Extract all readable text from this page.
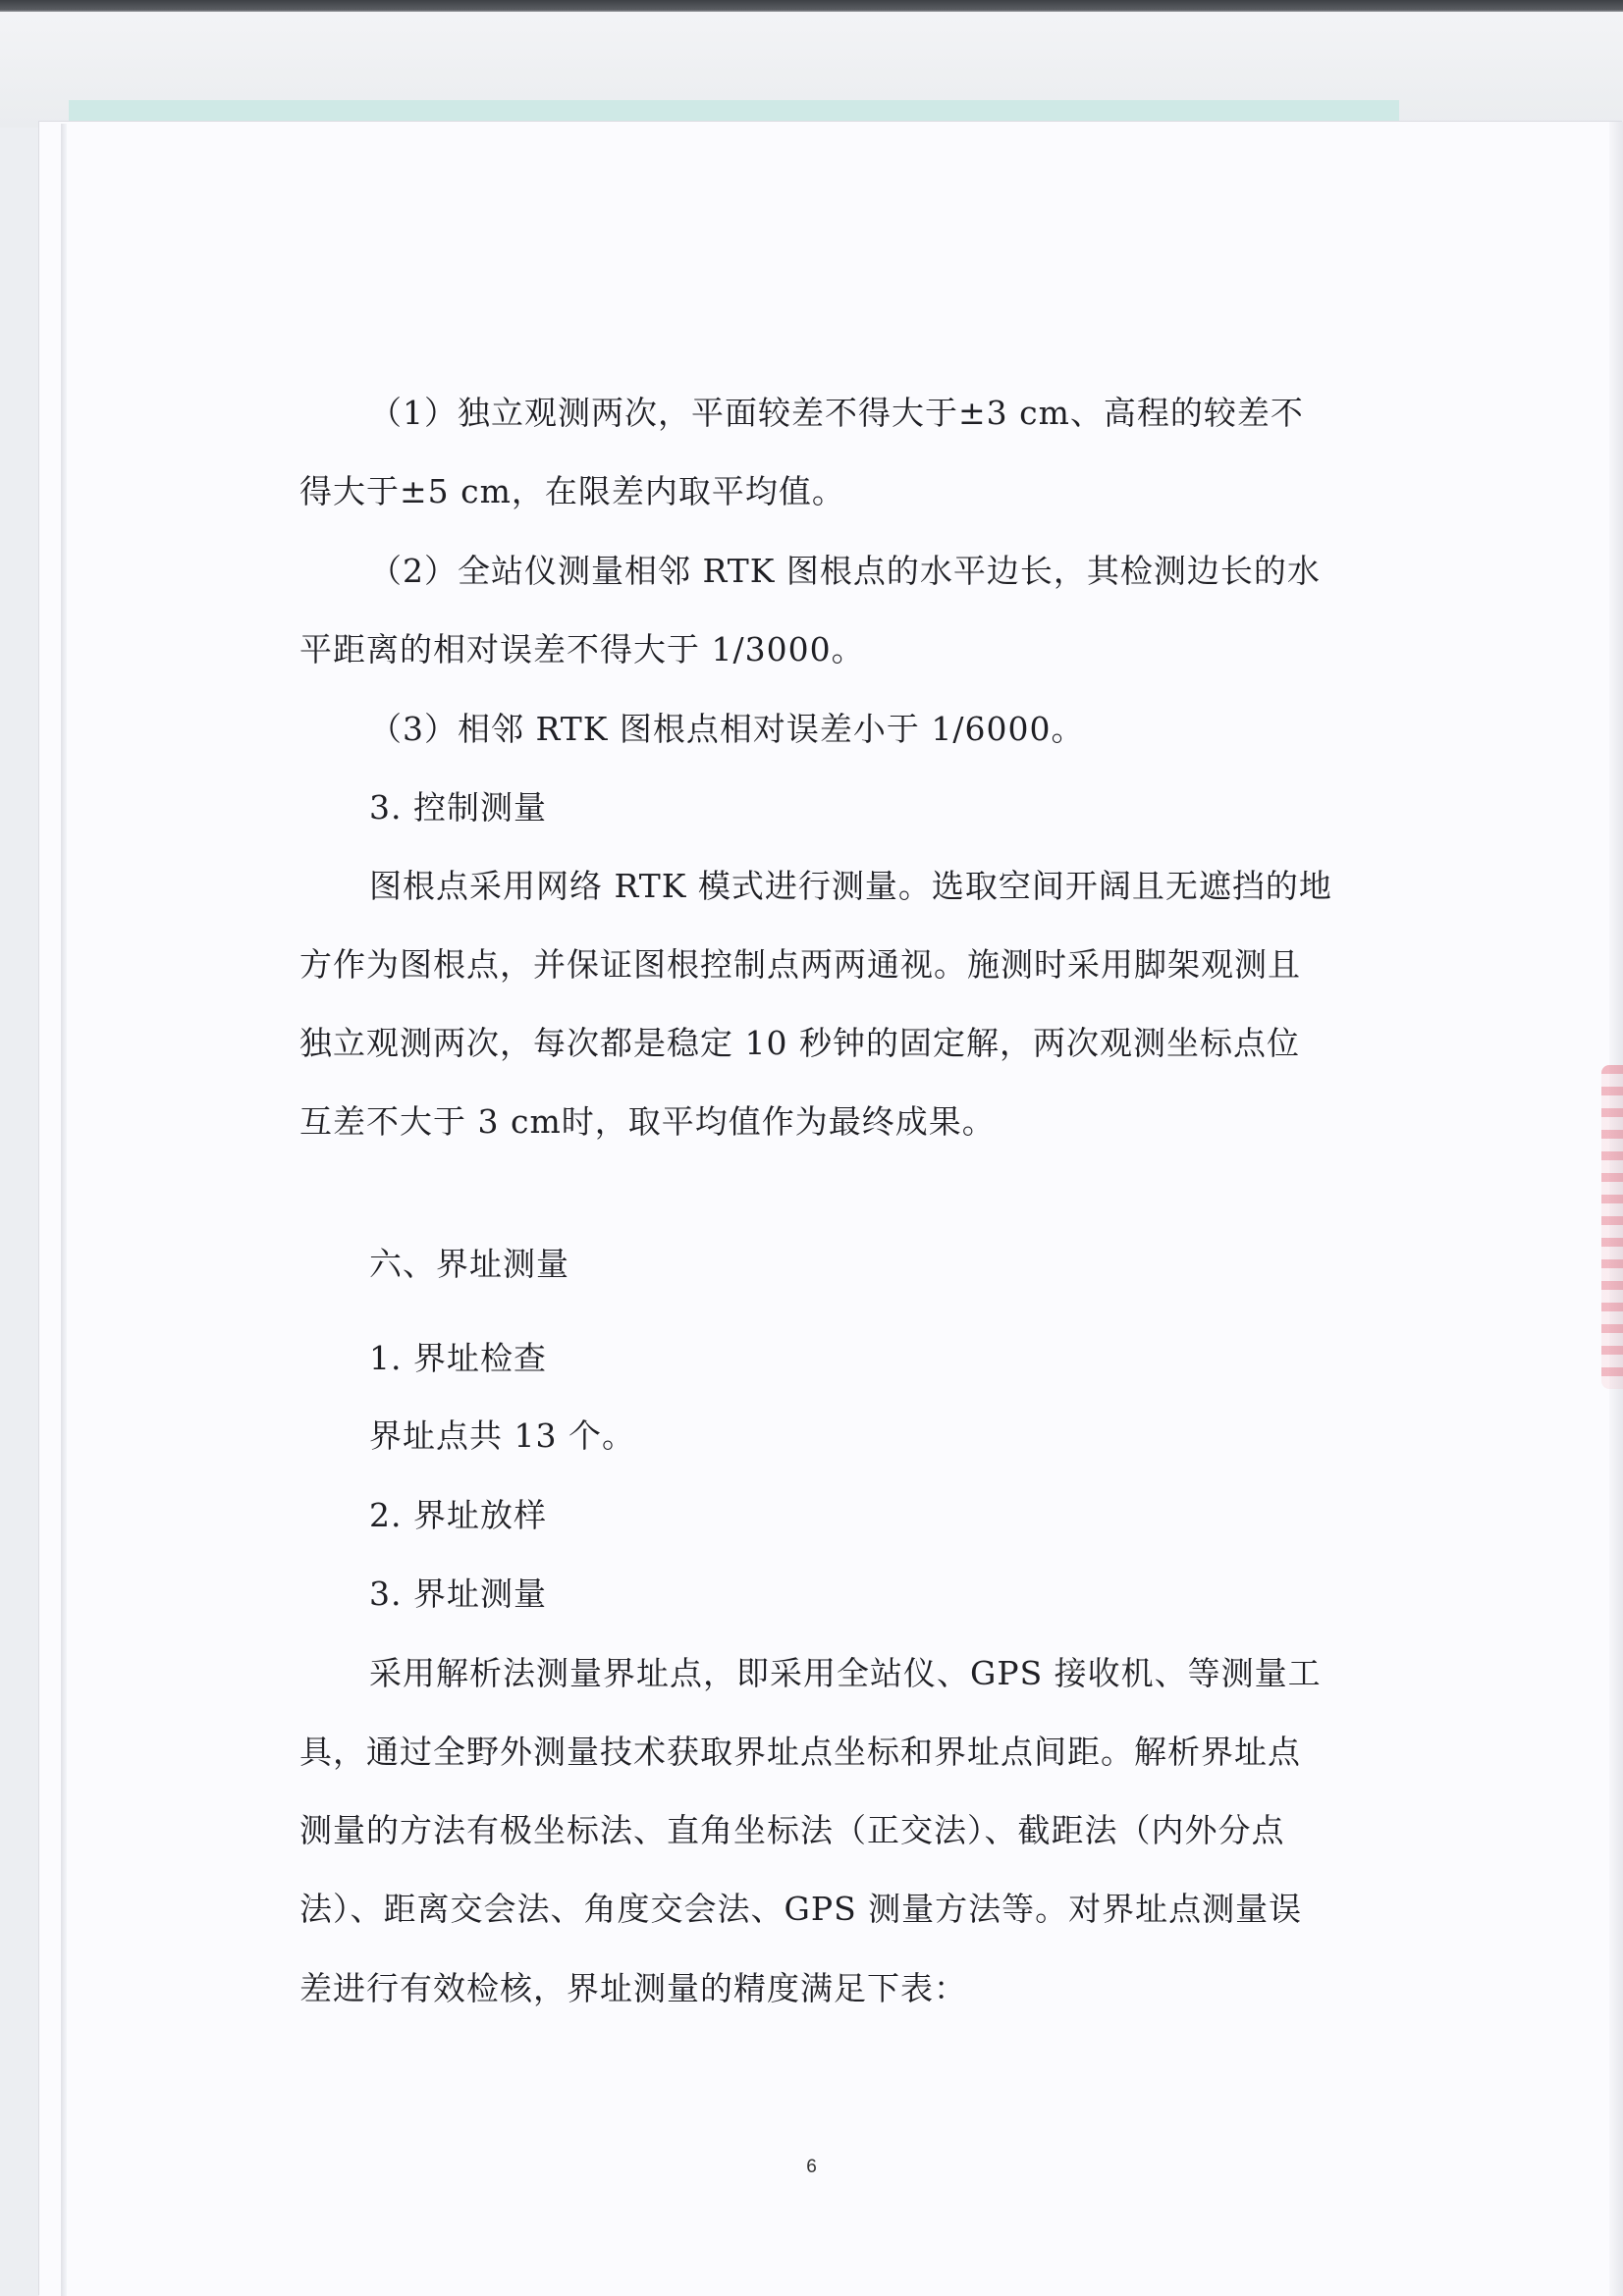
（1）独立观测两次，平面较差不得大于±3 cm、高程的较差不

得大于±5 cm，在限差内取平均值。

（2）全站仪测量相邻 RTK 图根点的水平边长，其检测边长的水

平距离的相对误差不得大于 1/3000。

（3）相邻 RTK 图根点相对误差小于 1/6000。

3. 控制测量

图根点采用网络 RTK 模式进行测量。选取空间开阔且无遮挡的地

方作为图根点，并保证图根控制点两两通视。施测时采用脚架观测且

独立观测两次，每次都是稳定 10 秒钟的固定解，两次观测坐标点位

互差不大于 3 cm时，取平均值作为最终成果。

六、界址测量

1. 界址检查

界址点共 13 个。

2. 界址放样

3. 界址测量

采用解析法测量界址点，即采用全站仪、GPS 接收机、等测量工

具，通过全野外测量技术获取界址点坐标和界址点间距。解析界址点

测量的方法有极坐标法、直角坐标法（正交法）、截距法（内外分点

法）、距离交会法、角度交会法、GPS 测量方法等。对界址点测量误

差进行有效检核，界址测量的精度满足下表：

6
